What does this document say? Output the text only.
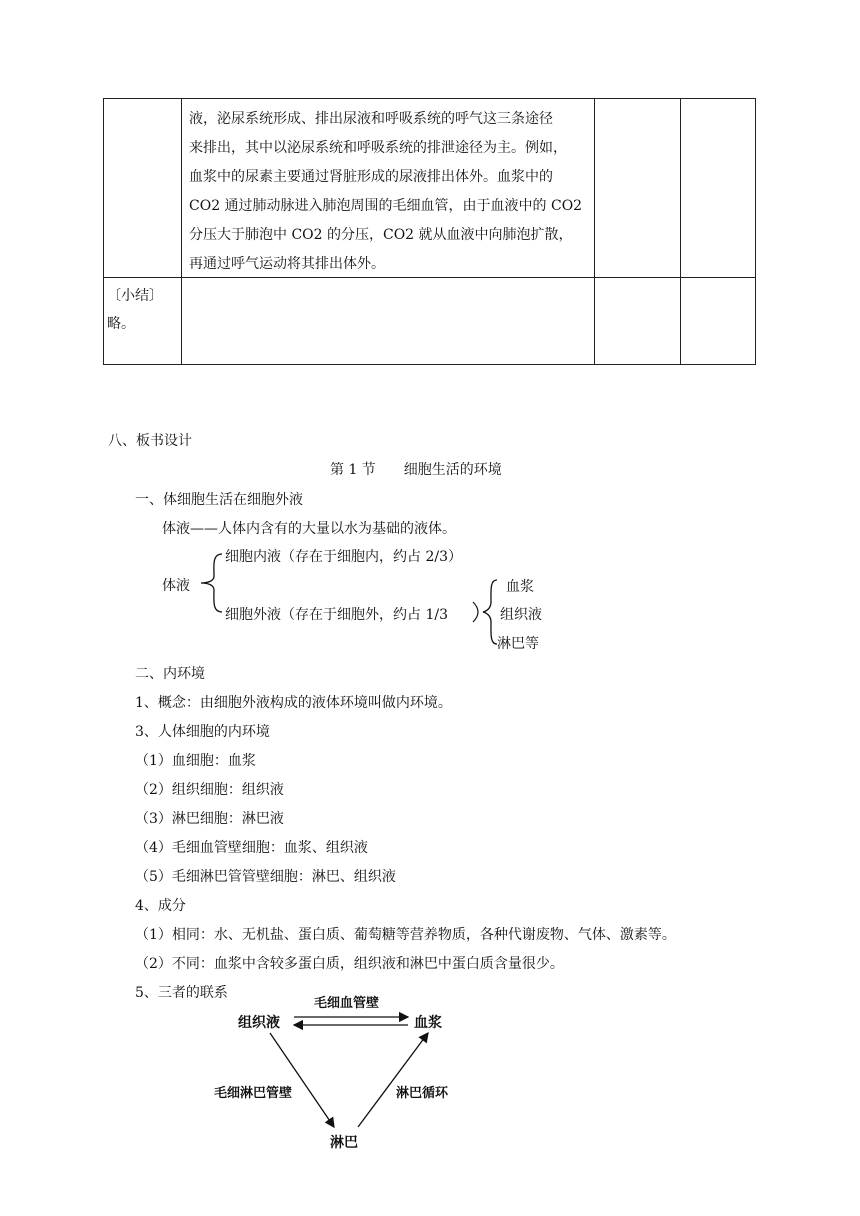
液，泌尿系统形成、排出尿液和呼吸系统的呼气这三条途径
来排出，其中以泌尿系统和呼吸系统的排泄途径为主。例如，
血浆中的尿素主要通过肾脏形成的尿液排出体外。血浆中的
CO2 通过肺动脉进入肺泡周围的毛细血管，由于血液中的 CO2
分压大于肺泡中 CO2 的分压，CO2 就从血液中向肺泡扩散，
再通过呼气运动将其排出体外。
〔小结〕
略。
八、板书设计
第 1 节　　细胞生活的环境
一、体细胞生活在细胞外液
体液——人体内含有的大量以水为基础的液体。
体液
细胞内液（存在于细胞内，约占 2/3）
细胞外液（存在于细胞外，约占 1/3
血浆
组织液
淋巴等
二、内环境
1、概念：由细胞外液构成的液体环境叫做内环境。
3、人体细胞的内环境
（1）血细胞：血浆
（2）组织细胞：组织液
（3）淋巴细胞：淋巴液
（4）毛细血管壁细胞：血浆、组织液
（5）毛细淋巴管管壁细胞：淋巴、组织液
4、成分
（1）相同：水、无机盐、蛋白质、葡萄糖等营养物质，各种代谢废物、气体、激素等。
（2）不同：血浆中含较多蛋白质，组织液和淋巴中蛋白质含量很少。
5、三者的联系
毛细血管壁
组织液	血浆
毛细淋巴管壁	淋巴循环
淋巴
